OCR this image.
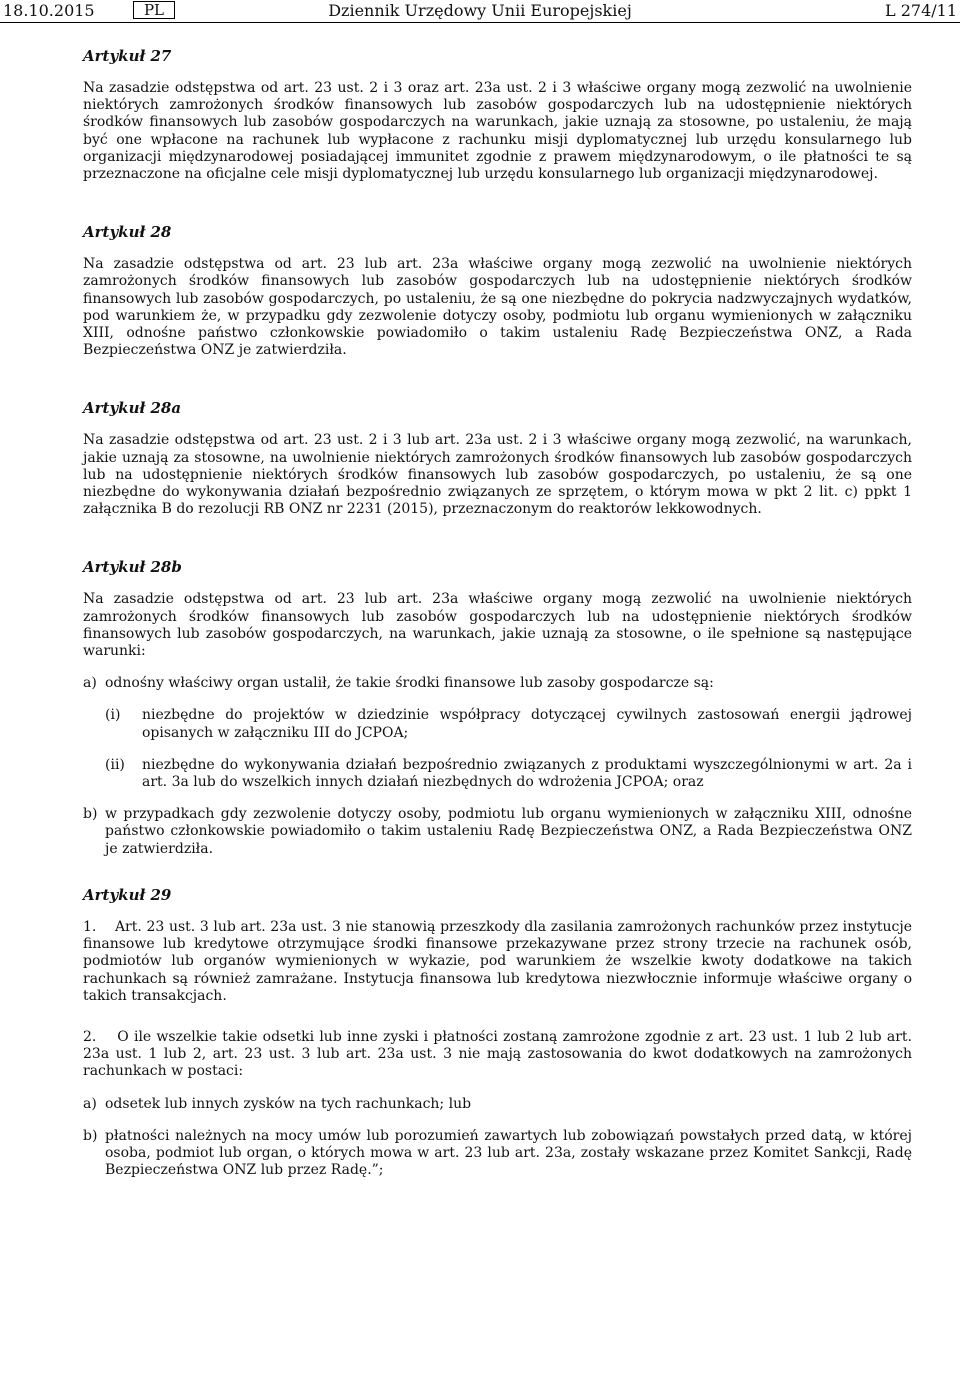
18.10.2015	PL	Dziennik Urzędowy Unii Europejskiej	L 274/11
Artykuł 27

Na zasadzie odstępstwa od art. 23 ust. 2 i 3 oraz art. 23a ust. 2 i 3 właściwe organy mogą zezwolić na uwolnienie niektórych zamrożonych środków finansowych lub zasobów gospodarczych lub na udostępnienie niektórych środków finansowych lub zasobów gospodarczych na warunkach, jakie uznają za stosowne, po ustaleniu, że mają być one wpłacone na rachunek lub wypłacone z rachunku misji dyplomatycznej lub urzędu konsularnego lub organizacji międzynarodowej posiadającej immunitet zgodnie z prawem międzynarodowym, o ile płatności te są przeznaczone na oficjalne cele misji dyplomatycznej lub urzędu konsularnego lub organizacji międzynarodowej.

Artykuł 28

Na zasadzie odstępstwa od art. 23 lub art. 23a właściwe organy mogą zezwolić na uwolnienie niektórych zamrożonych środków finansowych lub zasobów gospodarczych lub na udostępnienie niektórych środków finansowych lub zasobów gospodarczych, po ustaleniu, że są one niezbędne do pokrycia nadzwyczajnych wydatków, pod warunkiem że, w przypadku gdy zezwolenie dotyczy osoby, podmiotu lub organu wymienionych w załączniku XIII, odnośne państwo członkowskie powiadomiło o takim ustaleniu Radę Bezpieczeństwa ONZ, a Rada Bezpieczeństwa ONZ je zatwierdziła.

Artykuł 28a

Na zasadzie odstępstwa od art. 23 ust. 2 i 3 lub art. 23a ust. 2 i 3 właściwe organy mogą zezwolić, na warunkach, jakie uznają za stosowne, na uwolnienie niektórych zamrożonych środków finansowych lub zasobów gospodarczych lub na udostępnienie niektórych środków finansowych lub zasobów gospodarczych, po ustaleniu, że są one niezbędne do wykonywania działań bezpośrednio związanych ze sprzętem, o którym mowa w pkt 2 lit. c) ppkt 1 załącznika B do rezolucji RB ONZ nr 2231 (2015), przeznaczonym do reaktorów lekkowodnych.

Artykuł 28b

Na zasadzie odstępstwa od art. 23 lub art. 23a właściwe organy mogą zezwolić na uwolnienie niektórych zamrożonych środków finansowych lub zasobów gospodarczych lub na udostępnienie niektórych środków finansowych lub zasobów gospodarczych, na warunkach, jakie uznają za stosowne, o ile spełnione są następujące warunki:

a) odnośny właściwy organ ustalił, że takie środki finansowe lub zasoby gospodarcze są:
(i) niezbędne do projektów w dziedzinie współpracy dotyczącej cywilnych zastosowań energii jądrowej opisanych w załączniku III do JCPOA;
(ii) niezbędne do wykonywania działań bezpośrednio związanych z produktami wyszczególnionymi w art. 2a i art. 3a lub do wszelkich innych działań niezbędnych do wdrożenia JCPOA; oraz
b) w przypadkach gdy zezwolenie dotyczy osoby, podmiotu lub organu wymienionych w załączniku XIII, odnośne państwo członkowskie powiadomiło o takim ustaleniu Radę Bezpieczeństwa ONZ, a Rada Bezpieczeństwa ONZ je zatwierdziła.
Artykuł 29

1.    Art. 23 ust. 3 lub art. 23a ust. 3 nie stanowią przeszkody dla zasilania zamrożonych rachunków przez instytucje finansowe lub kredytowe otrzymujące środki finansowe przekazywane przez strony trzecie na rachunek osób, podmiotów lub organów wymienionych w wykazie, pod warunkiem że wszelkie kwoty dodatkowe na takich rachunkach są również zamrażane. Instytucja finansowa lub kredytowa niezwłocznie informuje właściwe organy o takich transakcjach.

2.    O ile wszelkie takie odsetki lub inne zyski i płatności zostaną zamrożone zgodnie z art. 23 ust. 1 lub 2 lub art. 23a ust. 1 lub 2, art. 23 ust. 3 lub art. 23a ust. 3 nie mają zastosowania do kwot dodatkowych na zamrożonych rachunkach w postaci:

a) odsetek lub innych zysków na tych rachunkach; lub
b) płatności należnych na mocy umów lub porozumień zawartych lub zobowiązań powstałych przed datą, w której osoba, podmiot lub organ, o których mowa w art. 23 lub art. 23a, zostały wskazane przez Komitet Sankcji, Radę Bezpieczeństwa ONZ lub przez Radę.”;
